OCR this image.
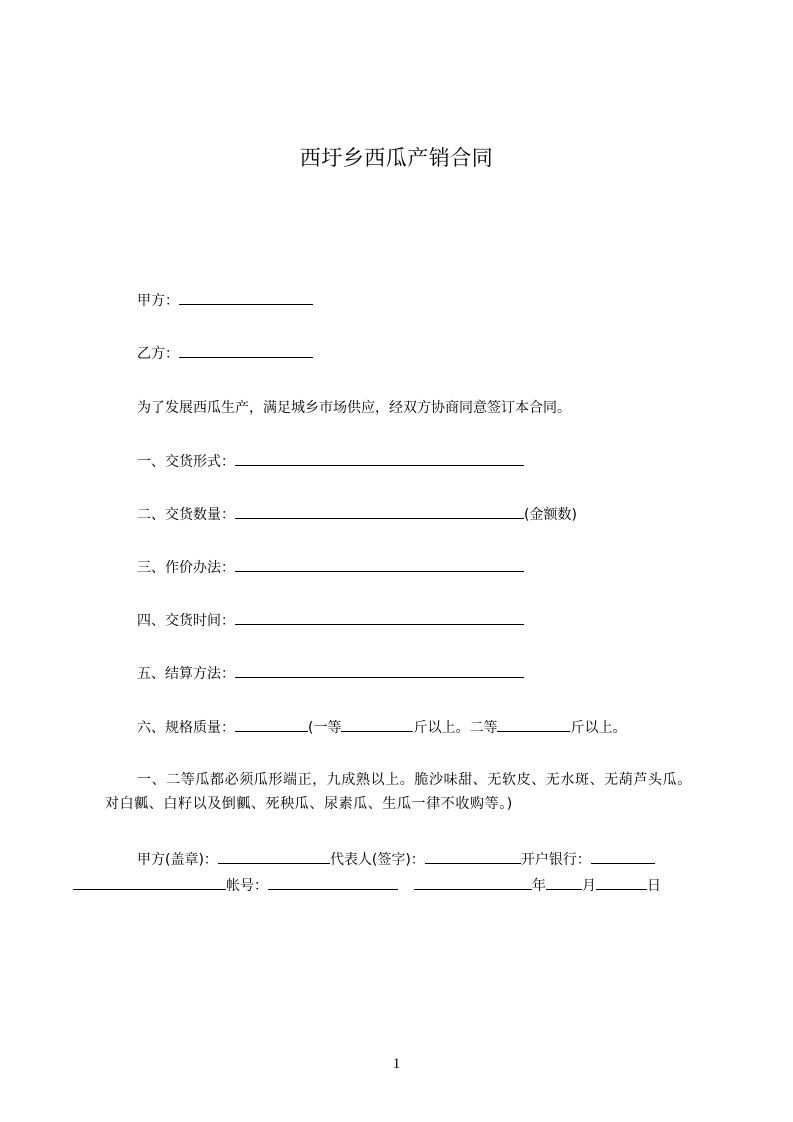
西圩乡西瓜产销合同
甲方：
乙方：
为了发展西瓜生产，满足城乡市场供应，经双方协商同意签订本合同。
一、交货形式：
二、交货数量：	(金额数)
三、作价办法：
四、交货时间：
五、结算方法：
六、规格质量：	(一等	斤以上。二等	斤以上。
一、二等瓜都必须瓜形端正，九成熟以上。脆沙味甜、无软皮、无水斑、无葫芦头瓜。对白瓤、白籽以及倒瓤、死秧瓜、尿素瓜、生瓜一律不收购等。)
甲方(盖章)：	代表人(签字)：	开户银行：帐号：	年	月	日
1
